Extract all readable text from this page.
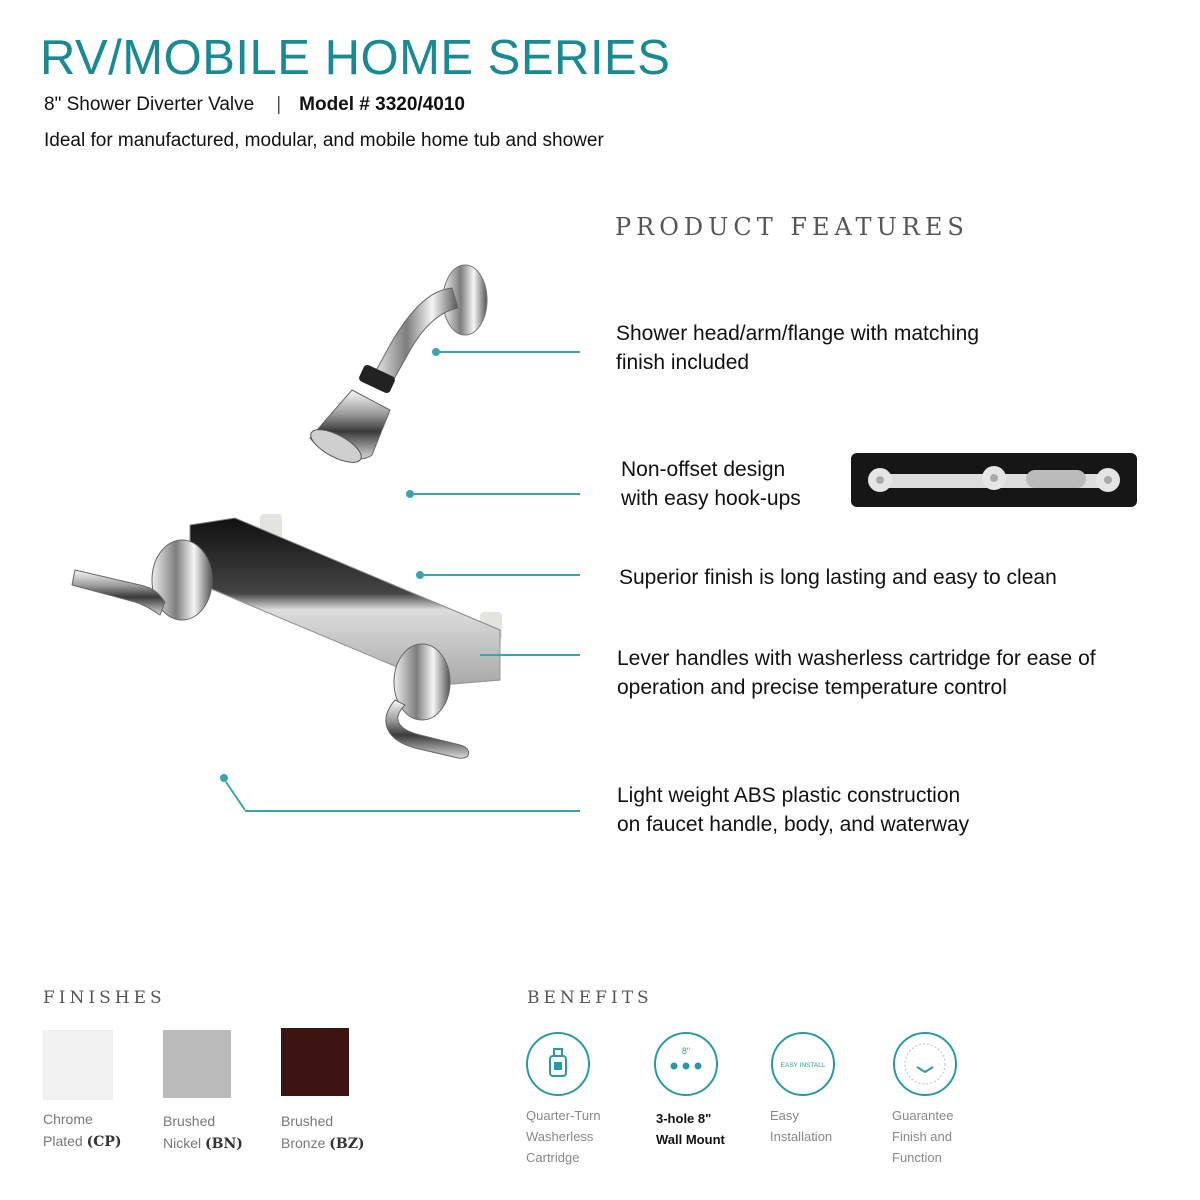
RV/MOBILE HOME SERIES
8" Shower Diverter Valve | Model # 3320/4010
Ideal for manufactured, modular, and mobile home tub and shower
PRODUCT FEATURES
Shower head/arm/flange with matching
finish included
Non-offset design
with easy hook-ups
Superior finish is long lasting and easy to clean
Lever handles with washerless cartridge for ease of
operation and precise temperature control
Light weight ABS plastic construction
on faucet handle, body, and waterway
FINISHES
Chrome
Plated (CP)
Brushed
Nickel (BN)
Brushed
Bronze (BZ)
BENEFITS
Quarter-Turn
Washerless
Cartridge
8"
3-hole 8"
Wall Mount
EASY INSTALL
Easy
Installation
Guarantee
Finish and
Function
